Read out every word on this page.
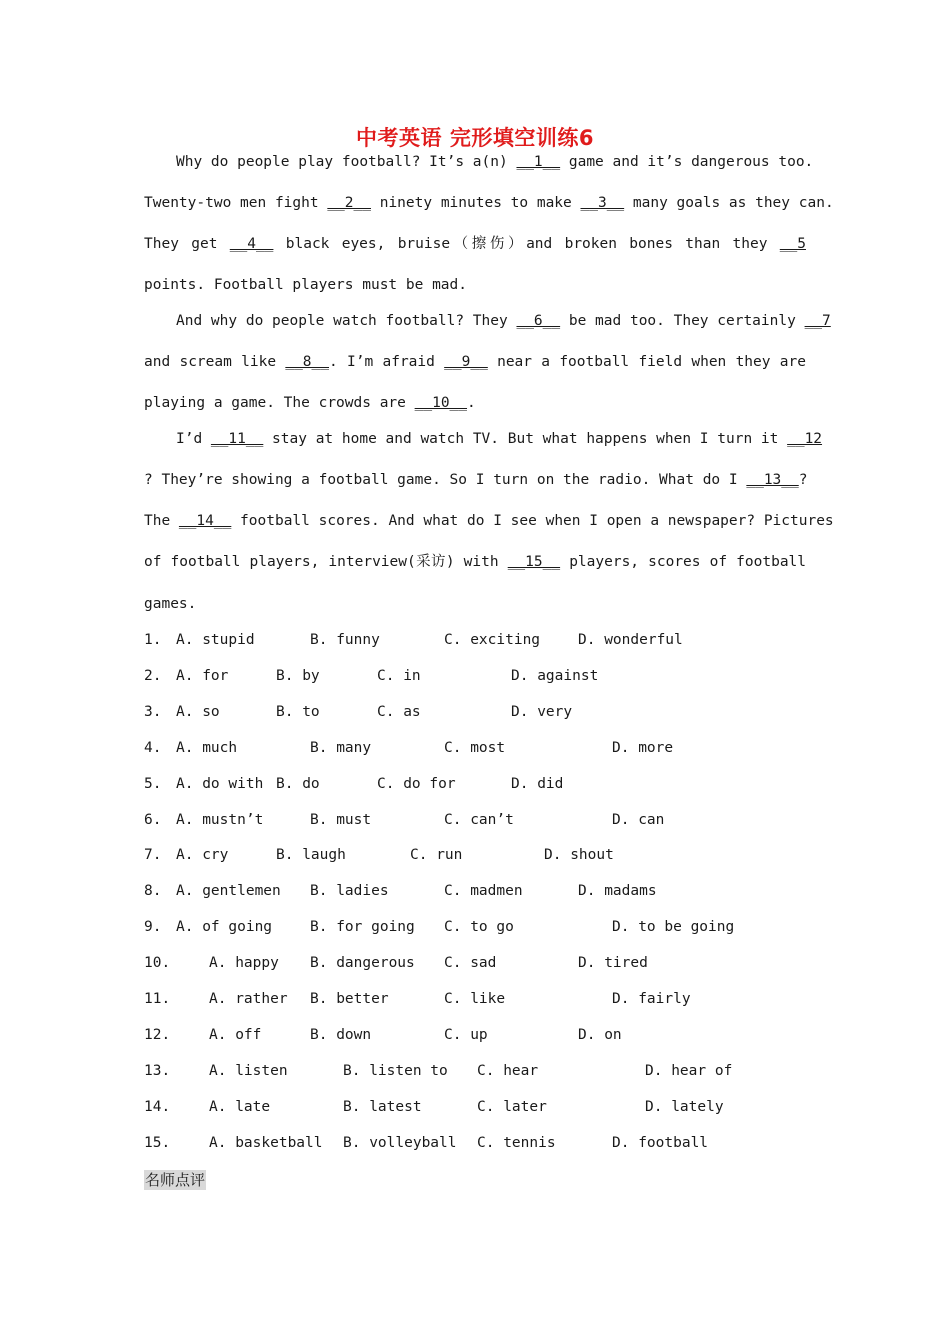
中考英语 完形填空训练6
Why do people play football? It’s a(n) __1__ game and it’s dangerous too.
Twenty-two men fight __2__ ninety minutes to make __3__ many goals as they can.
They get __4__ black eyes, bruise（擦伤）and broken bones than they __5
points. Football players must be mad.
And why do people watch football? They __6__ be mad too. They certainly __7
and scream like __8__. I’m afraid __9__ near a football field when they are
playing a game. The crowds are __10__.
I’d __11__ stay at home and watch TV. But what happens when I turn it __12
? They’re showing a football game. So I turn on the radio. What do I __13__?
The __14__ football scores. And what do I see when I open a newspaper? Pictures
of football players, interview(采访) with __15__ players, scores of football
games.
1. A. stupid	B. funny	C. exciting	D. wonderful
2. A. for	B. by	C. in	D. against
3. A. so	B. to	C. as	D. very
4. A. much	B. many	C. most	D. more
5. A. do with B. do	C. do for	D. did
6. A. mustn’t	B. must	C. can’t	D. can
7. A. cry	B. laugh	C. run	D. shout
8. A. gentlemen B. ladies	C. madmen	D. madams
9. A. of going	B. for going C. to go	D. to be going
10.	A. happy B. dangerous C. sad	D. tired
11.	A. rather B. better	C. like	D. fairly
12.	A. off	B. down	C. up	D. on
13.	A. listen	B. listen to C. hear	D. hear of
14.	A. late	B. latest	C. later	D. lately
15.	A. basketball B. volleyball C. tennis	D. football
名师点评
